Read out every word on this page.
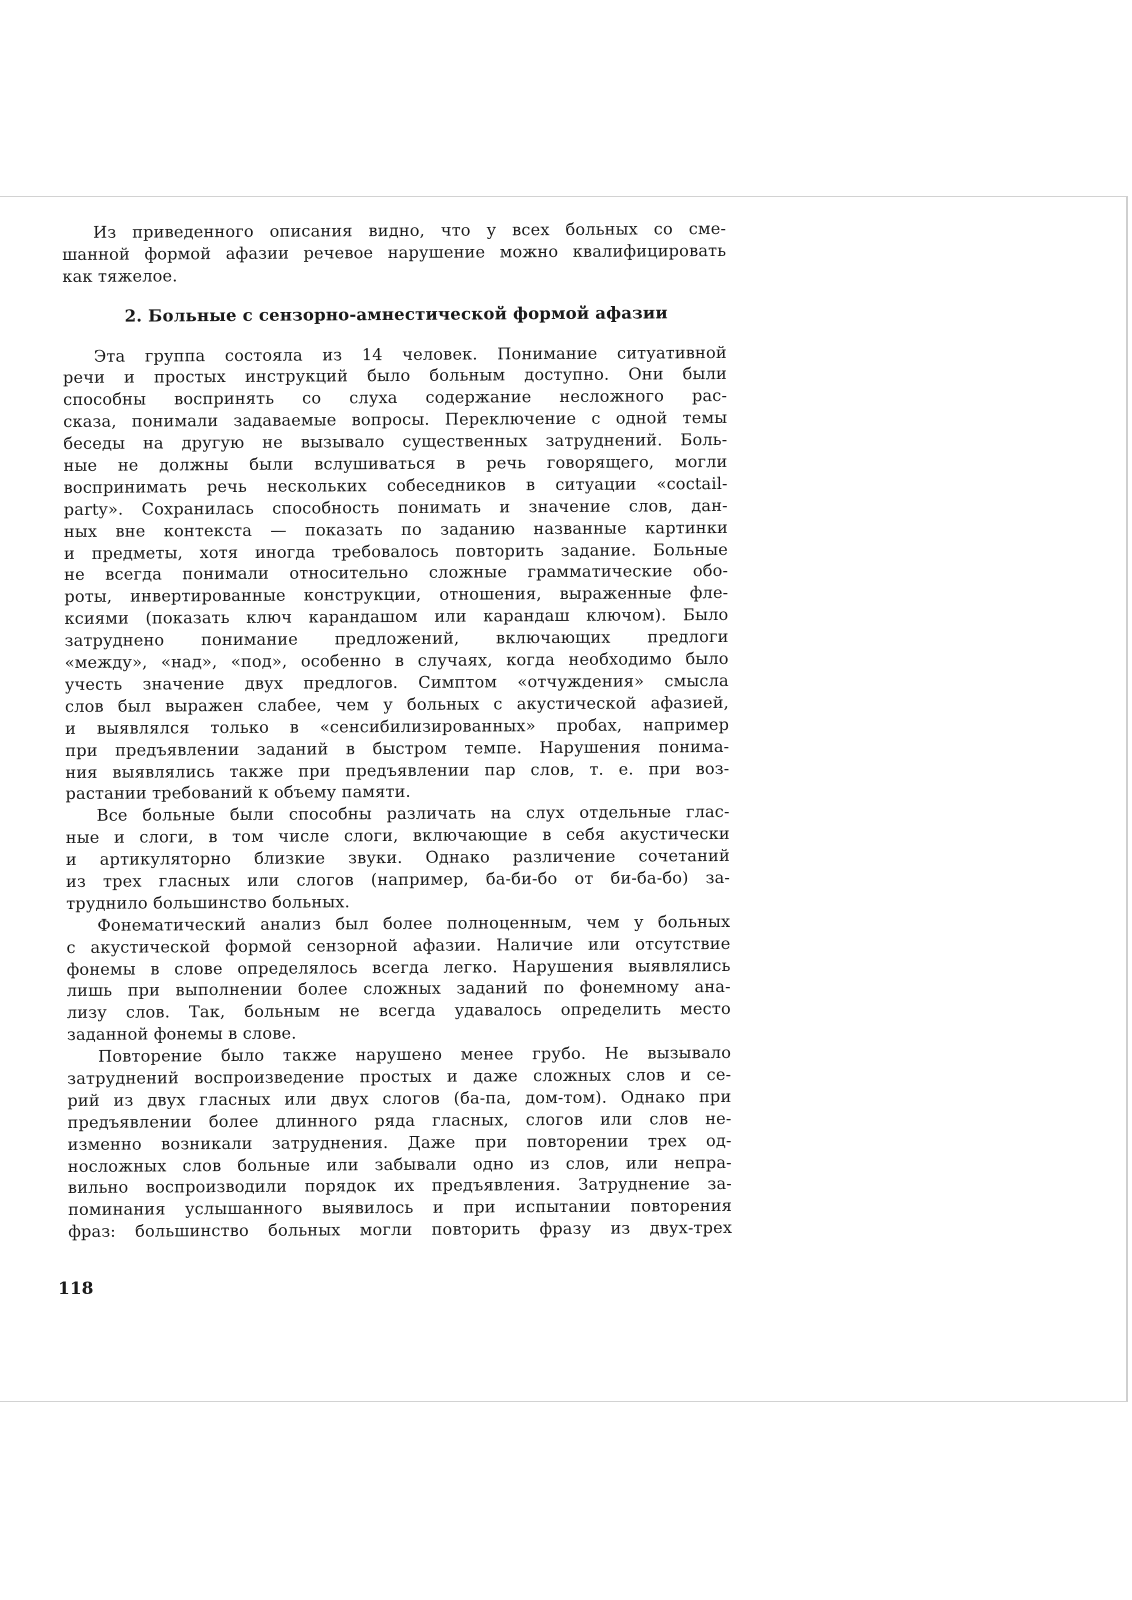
Из приведенного описания видно, что у всех больных со сме-
шанной формой афазии речевое нарушение можно квалифицировать
как тяжелое.
2. Больные с сензорно-амнестической формой афазии
Эта группа состояла из 14 человек. Понимание ситуативной
речи и простых инструкций было больным доступно. Они были
способны воспринять со слуха содержание несложного рас-
сказа, понимали задаваемые вопросы. Переключение с одной темы
беседы на другую не вызывало существенных затруднений. Боль-
ные не должны были вслушиваться в речь говорящего, могли
воспринимать речь нескольких собеседников в ситуации «coctail-
party». Сохранилась способность понимать и значение слов, дан-
ных вне контекста — показать по заданию названные картинки
и предметы, хотя иногда требовалось повторить задание. Больные
не всегда понимали относительно сложные грамматические обо-
роты, инвертированные конструкции, отношения, выраженные фле-
ксиями (показать ключ карандашом или карандаш ключом). Было
затруднено понимание предложений, включающих предлоги
«между», «над», «под», особенно в случаях, когда необходимо было
учесть значение двух предлогов. Симптом «отчуждения» смысла
слов был выражен слабее, чем у больных с акустической афазией,
и выявлялся только в «сенсибилизированных» пробах, например
при предъявлении заданий в быстром темпе. Нарушения понима-
ния выявлялись также при предъявлении пар слов, т. е. при воз-
растании требований к объему памяти.
Все больные были способны различать на слух отдельные глас-
ные и слоги, в том числе слоги, включающие в себя акустически
и артикуляторно близкие звуки. Однако различение сочетаний
из трех гласных или слогов (например, ба-би-бо от би-ба-бо) за-
труднило большинство больных.
Фонематический анализ был более полноценным, чем у больных
с акустической формой сензорной афазии. Наличие или отсутствие
фонемы в слове определялось всегда легко. Нарушения выявлялись
лишь при выполнении более сложных заданий по фонемному ана-
лизу слов. Так, больным не всегда удавалось определить место
заданной фонемы в слове.
Повторение было также нарушено менее грубо. Не вызывало
затруднений воспроизведение простых и даже сложных слов и се-
рий из двух гласных или двух слогов (ба-па, дом-том). Однако при
предъявлении более длинного ряда гласных, слогов или слов не-
изменно возникали затруднения. Даже при повторении трех од-
носложных слов больные или забывали одно из слов, или непра-
вильно воспроизводили порядок их предъявления. Затруднение за-
поминания услышанного выявилось и при испытании повторения
фраз: большинство больных могли повторить фразу из двух-трех
118
